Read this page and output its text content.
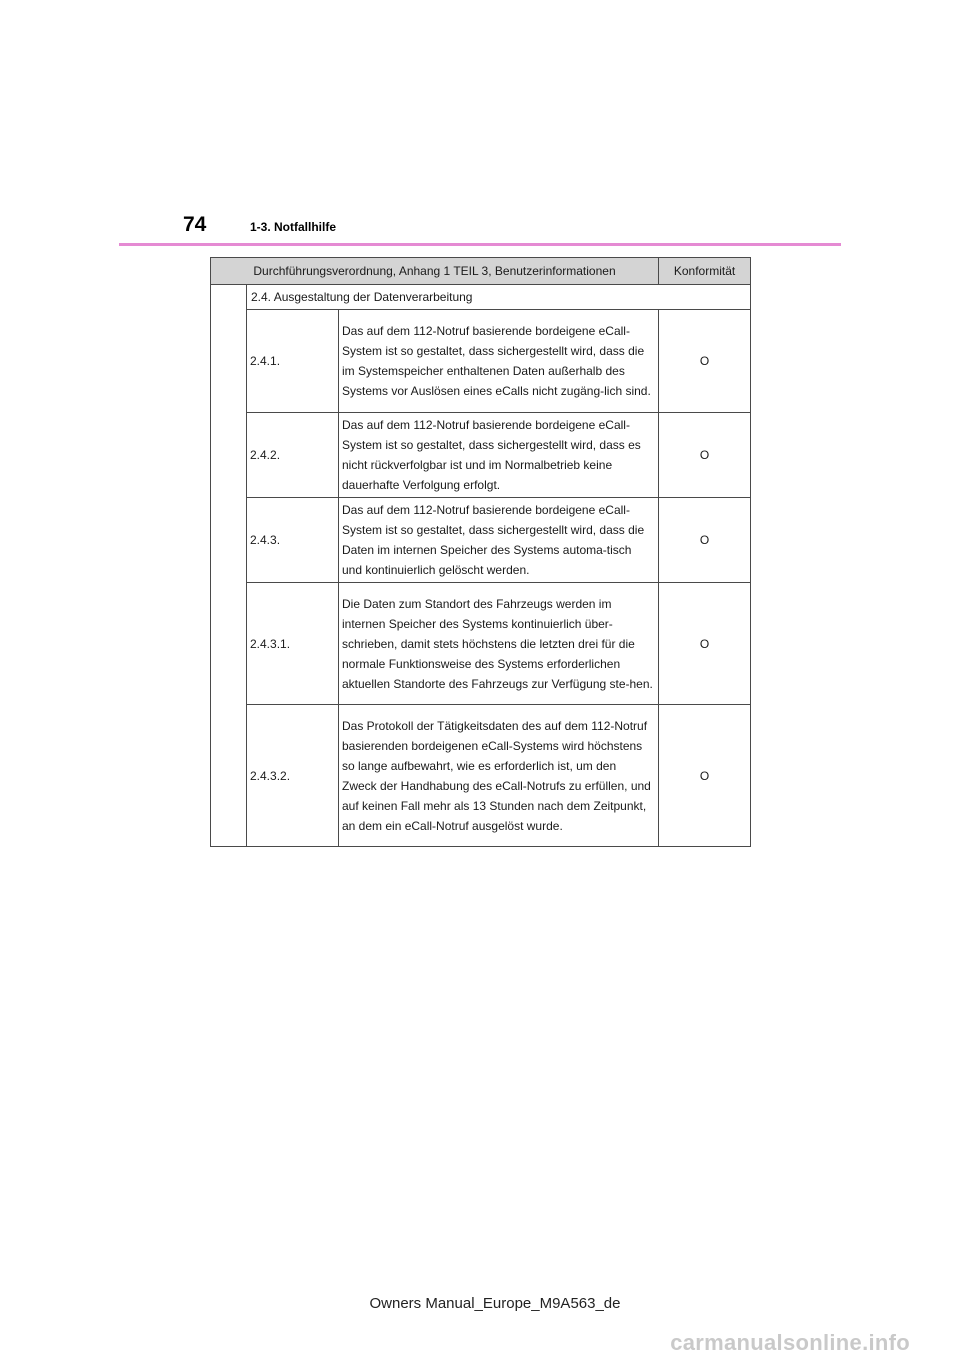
74	1-3. Notfallhilfe
Durchführungsverordnung, Anhang 1 TEIL 3, Benutzerinformationen			Konformität
	2.4. Ausgestaltung der Datenverarbeitung		
	2.4.1.	Das auf dem 112-Notruf basierende bordeigene eCall-System ist so gestaltet, dass sichergestellt wird, dass die im Systemspeicher enthaltenen Daten außerhalb des Systems vor Auslösen eines eCalls nicht zugäng-lich sind.	O
	2.4.2.	Das auf dem 112-Notruf basierende bordeigene eCall-System ist so gestaltet, dass sichergestellt wird, dass es nicht rückverfolgbar ist und im Normalbetrieb keine dauerhafte Verfolgung erfolgt.	O
	2.4.3.	Das auf dem 112-Notruf basierende bordeigene eCall-System ist so gestaltet, dass sichergestellt wird, dass die Daten im internen Speicher des Systems automa-tisch und kontinuierlich gelöscht werden.	O
	2.4.3.1.	Die Daten zum Standort des Fahrzeugs werden im internen Speicher des Systems kontinuierlich über-schrieben, damit stets höchstens die letzten drei für die normale Funktionsweise des Systems erforderlichen aktuellen Standorte des Fahrzeugs zur Verfügung ste-hen.	O
	2.4.3.2.	Das Protokoll der Tätigkeitsdaten des auf dem 112-Notruf basierenden bordeigenen eCall-Systems wird höchstens so lange aufbewahrt, wie es erforderlich ist, um den Zweck der Handhabung des eCall-Notrufs zu erfüllen, und auf keinen Fall mehr als 13 Stunden nach dem Zeitpunkt, an dem ein eCall-Notruf ausgelöst wurde.	O
Owners Manual_Europe_M9A563_de
carmanualsonline.info
